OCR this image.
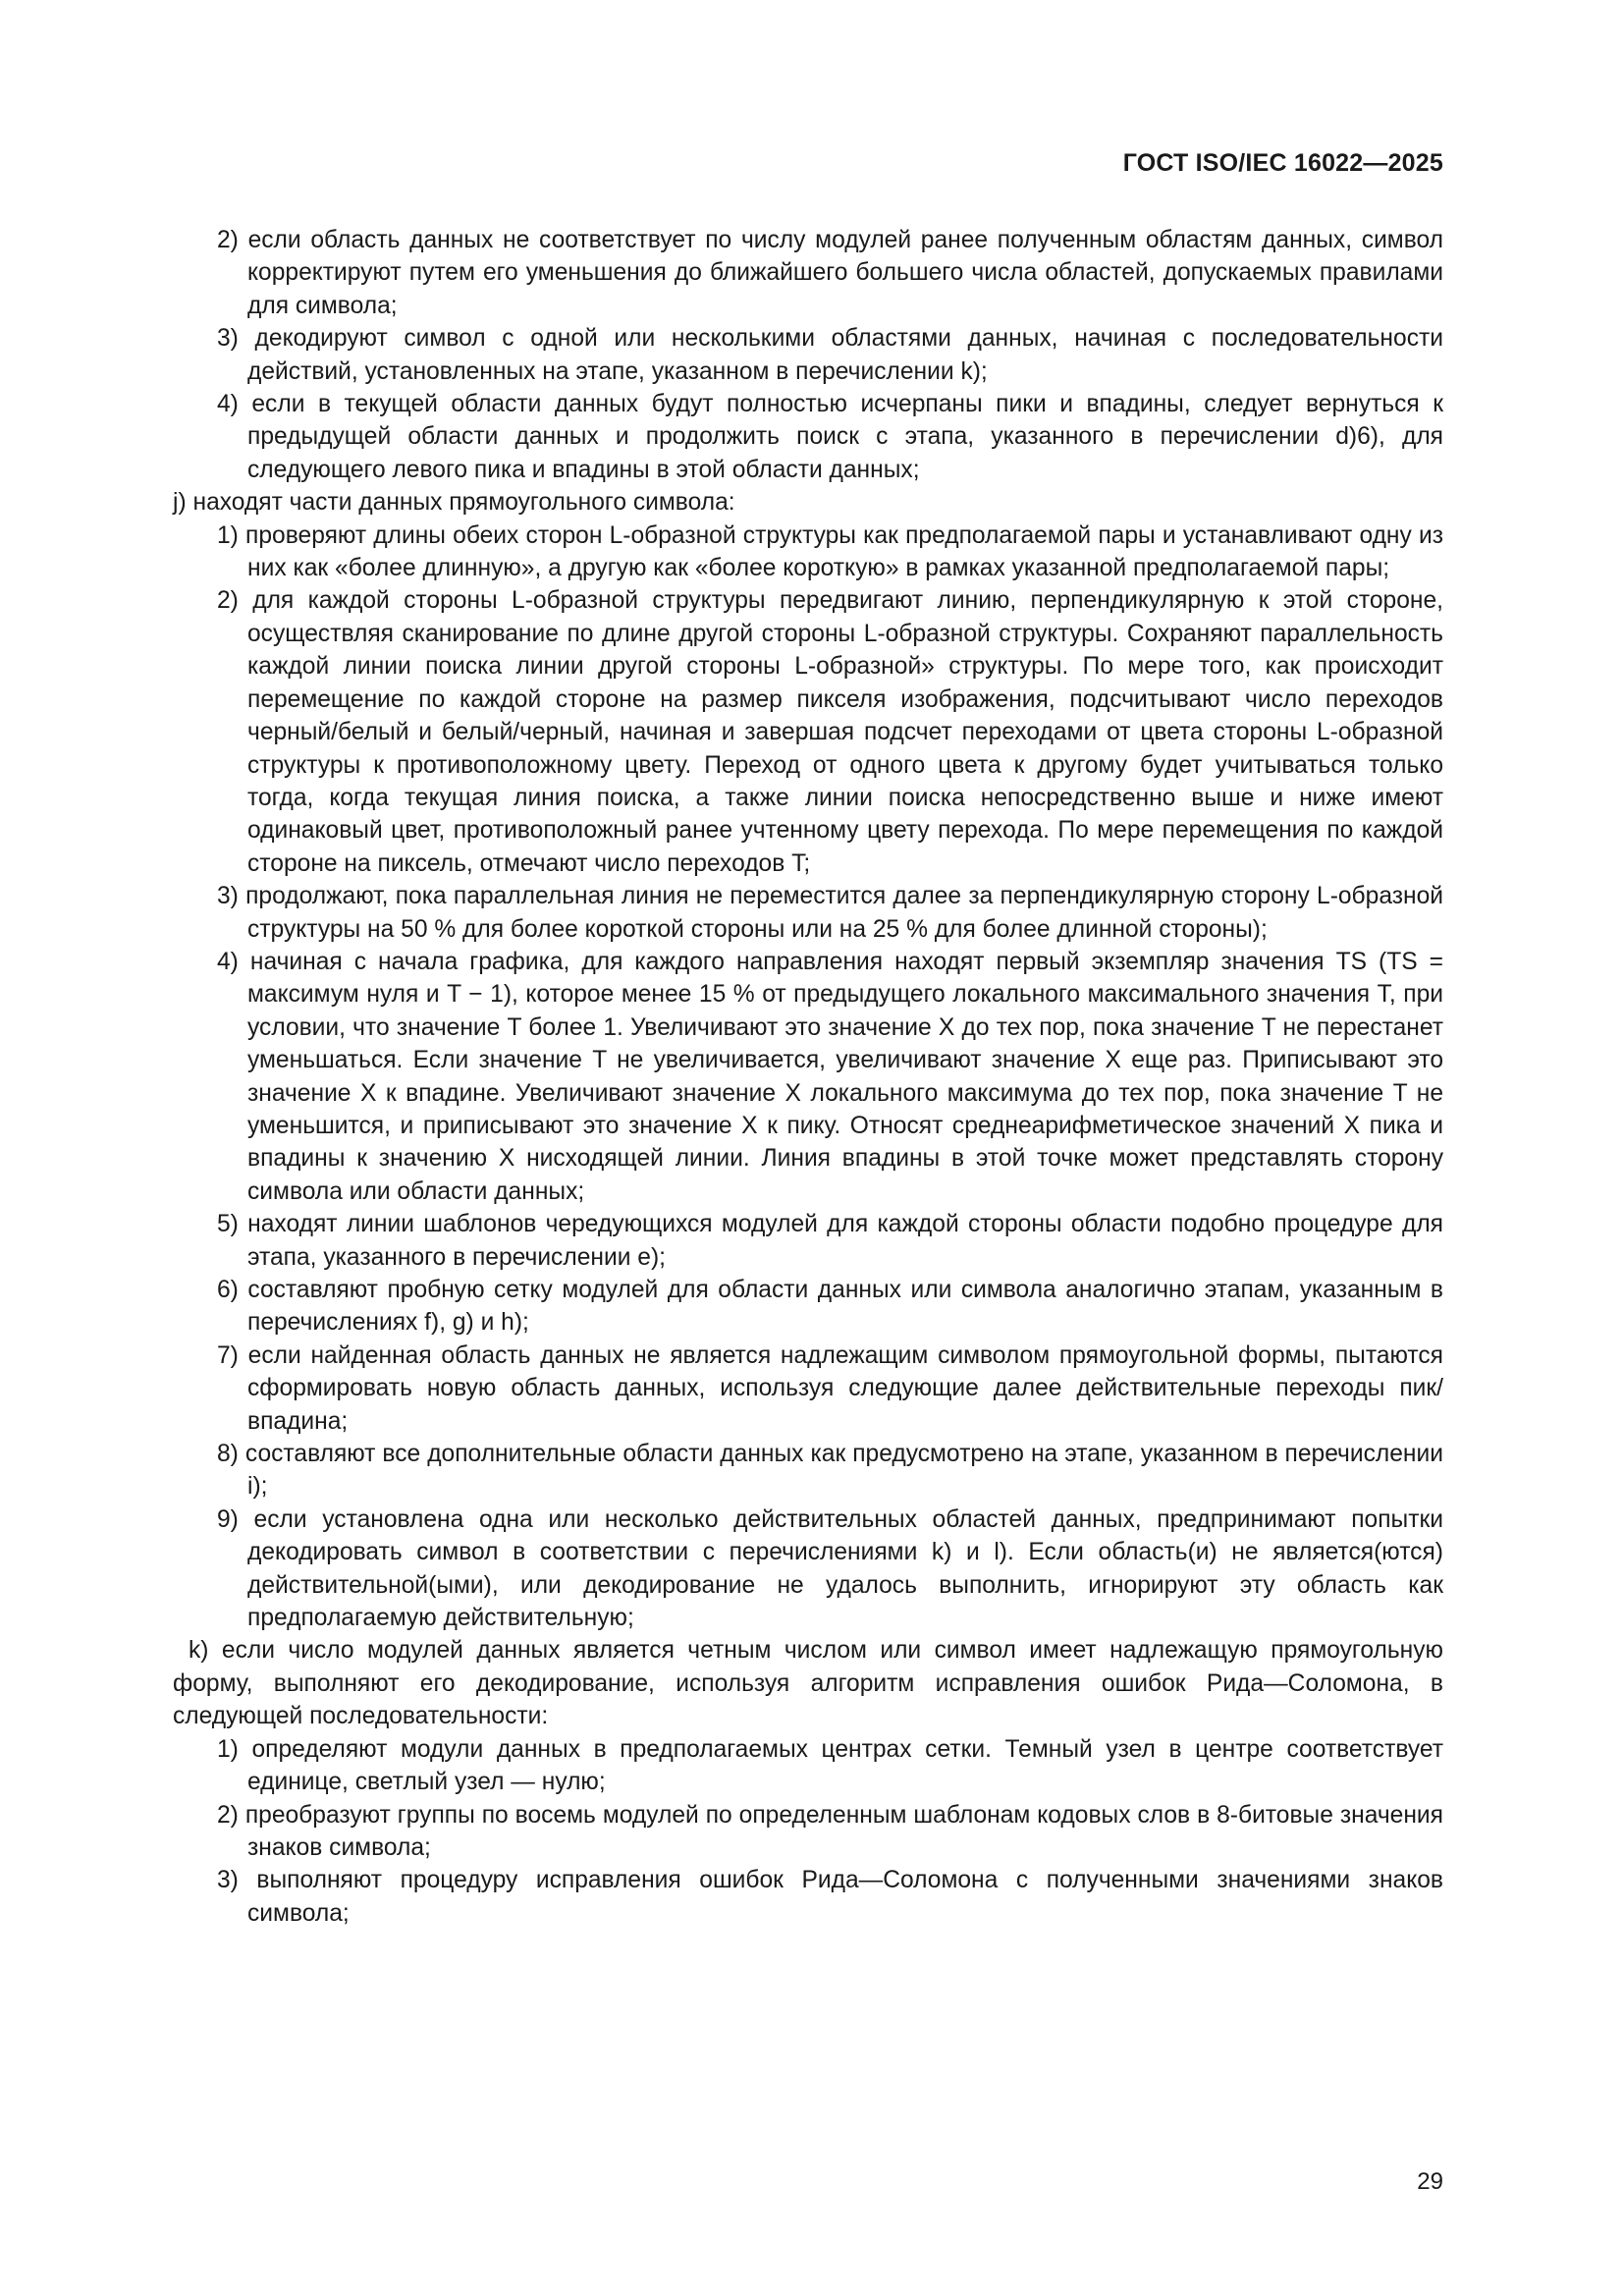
ГОСТ ISO/IEC 16022—2025

2) если область данных не соответствует по числу модулей ранее полученным областям данных, символ корректируют путем его уменьшения до ближайшего большего числа областей, допускаемых правилами для символа;

3) декодируют символ с одной или несколькими областями данных, начиная с последовательности действий, установленных на этапе, указанном в перечислении k);

4) если в текущей области данных будут полностью исчерпаны пики и впадины, следует вернуться к предыдущей области данных и продолжить поиск с этапа, указанного в перечислении d)6), для следующего левого пика и впадины в этой области данных;

j) находят части данных прямоугольного символа:

1) проверяют длины обеих сторон L-образной структуры как предполагаемой пары и устанавливают одну из них как «более длинную», а другую как «более короткую» в рамках указанной предполагаемой пары;

2) для каждой стороны L-образной структуры передвигают линию, перпендикулярную к этой стороне, осуществляя сканирование по длине другой стороны L-образной структуры. Сохраняют параллельность каждой линии поиска линии другой стороны L-образной» структуры. По мере того, как происходит перемещение по каждой стороне на размер пикселя изображения, подсчитывают число переходов черный/белый и белый/черный, начиная и завершая подсчет переходами от цвета стороны L-образной структуры к противоположному цвету. Переход от одного цвета к другому будет учитываться только тогда, когда текущая линия поиска, а также линии поиска непосредственно выше и ниже имеют одинаковый цвет, противоположный ранее учтенному цвету перехода. По мере перемещения по каждой стороне на пиксель, отмечают число переходов T;

3) продолжают, пока параллельная линия не переместится далее за перпендикулярную сторону L-образной структуры на 50 % для более короткой стороны или на 25 % для более длинной стороны);

4) начиная с начала графика, для каждого направления находят первый экземпляр значения TS (TS = максимум нуля и T − 1), которое менее 15 % от предыдущего локального максимального значения T, при условии, что значение T более 1. Увеличивают это значение X до тех пор, пока значение T не перестанет уменьшаться. Если значение T не увеличивается, увеличивают значение X еще раз. Приписывают это значение X к впадине. Увеличивают значение X локального максимума до тех пор, пока значение T не уменьшится, и приписывают это значение X к пику. Относят среднеарифметическое значений X пика и впадины к значению X нисходящей линии. Линия впадины в этой точке может представлять сторону символа или области данных;

5) находят линии шаблонов чередующихся модулей для каждой стороны области подобно процедуре для этапа, указанного в перечислении e);

6) составляют пробную сетку модулей для области данных или символа аналогично этапам, указанным в перечислениях f), g) и h);

7) если найденная область данных не является надлежащим символом прямоугольной формы, пытаются сформировать новую область данных, используя следующие далее действительные переходы пик/впадина;

8) составляют все дополнительные области данных как предусмотрено на этапе, указанном в перечислении i);

9) если установлена одна или несколько действительных областей данных, предпринимают попытки декодировать символ в соответствии с перечислениями k) и l). Если область(и) не является(ются) действительной(ыми), или декодирование не удалось выполнить, игнорируют эту область как предполагаемую действительную;

k) если число модулей данных является четным числом или символ имеет надлежащую прямоугольную форму, выполняют его декодирование, используя алгоритм исправления ошибок Рида—Соломона, в следующей последовательности:

1) определяют модули данных в предполагаемых центрах сетки. Темный узел в центре соответствует единице, светлый узел — нулю;

2) преобразуют группы по восемь модулей по определенным шаблонам кодовых слов в 8-битовые значения знаков символа;

3) выполняют процедуру исправления ошибок Рида—Соломона с полученными значениями знаков символа;

29
